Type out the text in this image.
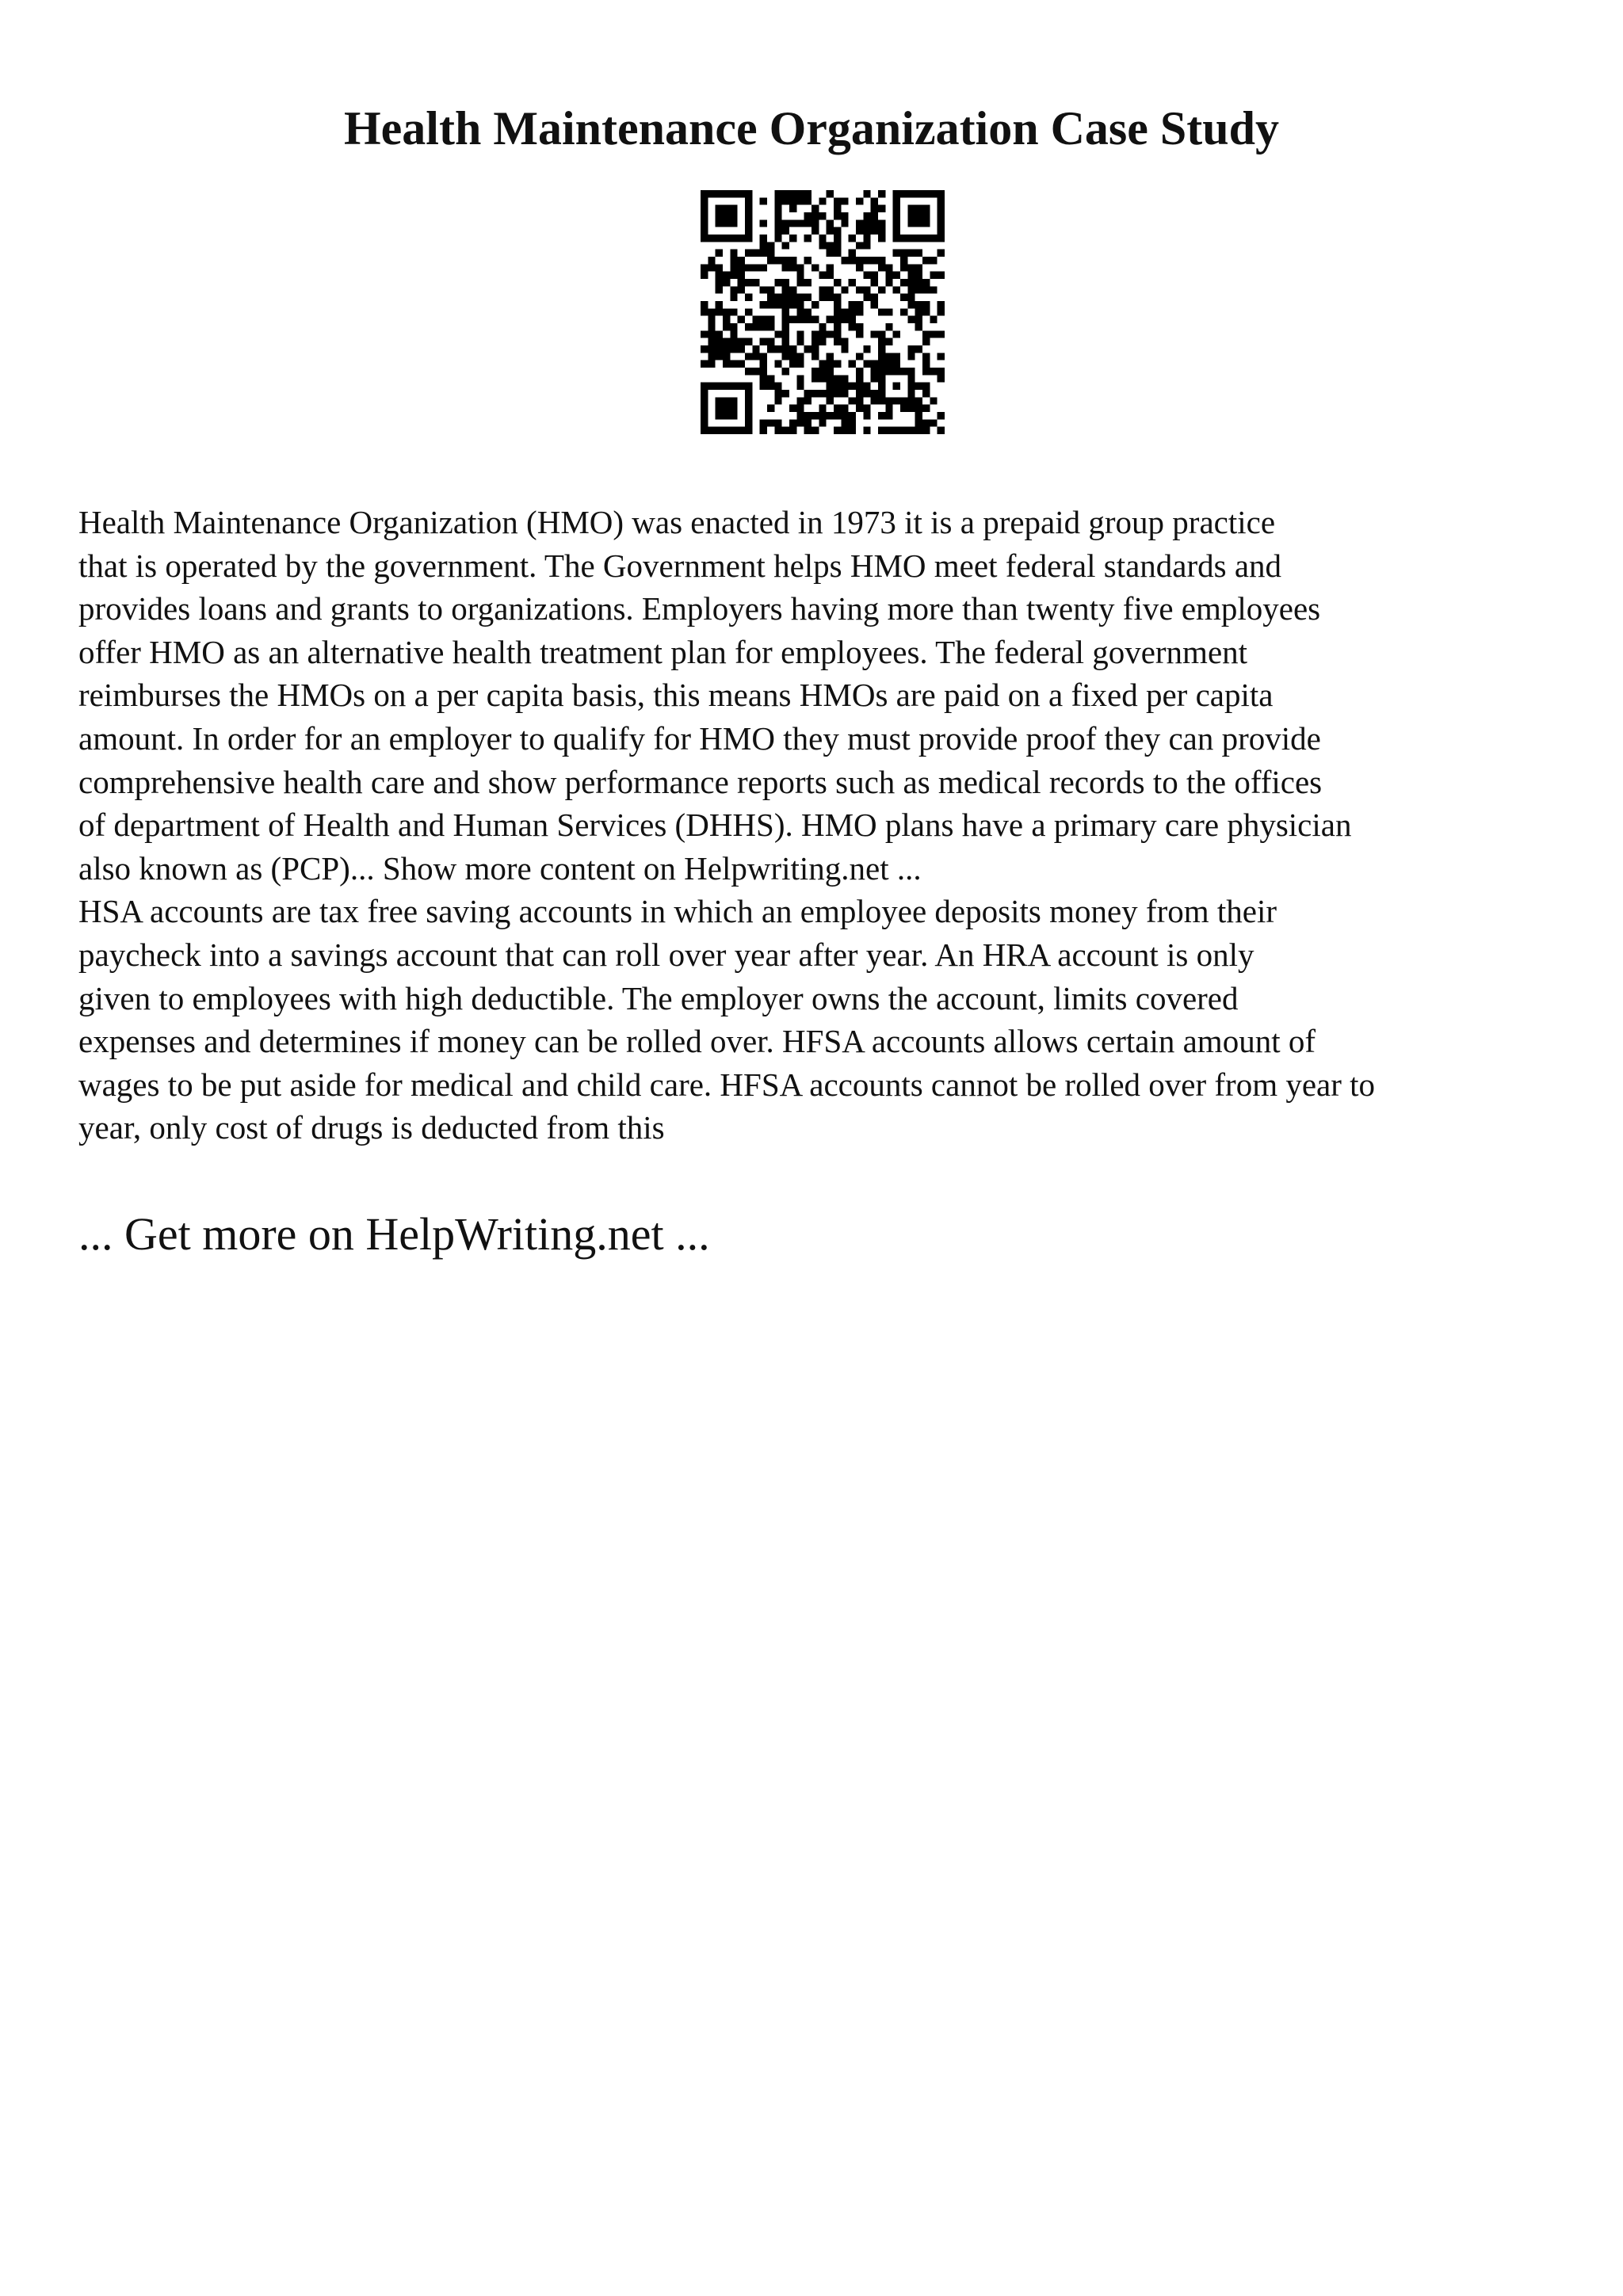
Health Maintenance Organization Case Study
Health Maintenance Organization (HMO) was enacted in 1973 it is a prepaid group practice
that is operated by the government. The Government helps HMO meet federal standards and
provides loans and grants to organizations. Employers having more than twenty five employees
offer HMO as an alternative health treatment plan for employees. The federal government
reimburses the HMOs on a per capita basis, this means HMOs are paid on a fixed per capita
amount. In order for an employer to qualify for HMO they must provide proof they can provide
comprehensive health care and show performance reports such as medical records to the offices
of department of Health and Human Services (DHHS). HMO plans have a primary care physician
also known as (PCP)... Show more content on Helpwriting.net ...
HSA accounts are tax free saving accounts in which an employee deposits money from their
paycheck into a savings account that can roll over year after year. An HRA account is only
given to employees with high deductible. The employer owns the account, limits covered
expenses and determines if money can be rolled over. HFSA accounts allows certain amount of
wages to be put aside for medical and child care. HFSA accounts cannot be rolled over from year to
year, only cost of drugs is deducted from this

... Get more on HelpWriting.net ...
